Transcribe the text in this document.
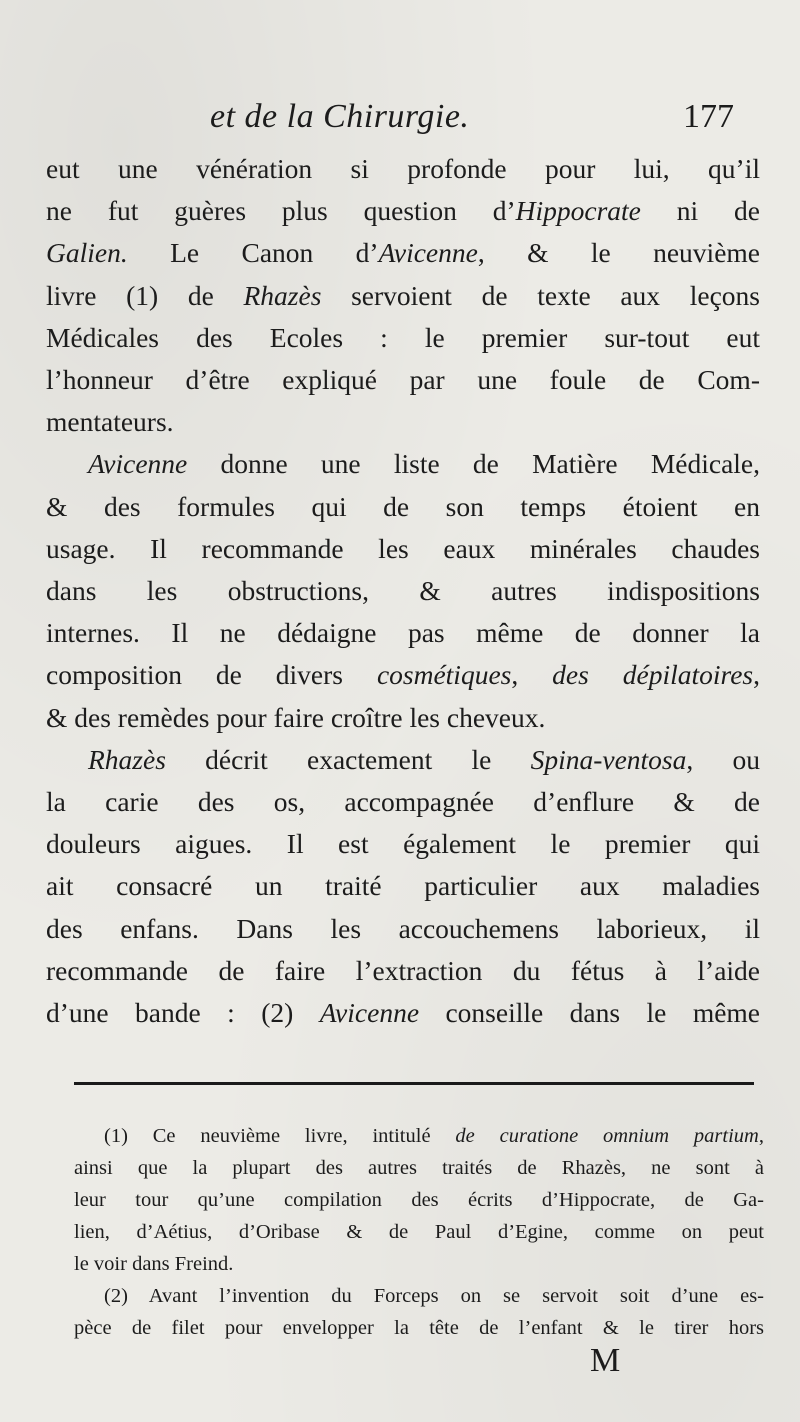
et de la Chirurgie.	177
eut une vénération si profonde pour lui, qu’il
ne fut guères plus question d’Hippocrate ni de
Galien. Le Canon d’Avicenne, & le neuvième
livre (1) de Rhazès servoient de texte aux leçons
Médicales des Ecoles : le premier sur-tout eut
l’honneur d’être expliqué par une foule de Com-
mentateurs.
Avicenne donne une liste de Matière Médicale,
& des formules qui de son temps étoient en
usage. Il recommande les eaux minérales chaudes
dans les obstructions, & autres indispositions
internes. Il ne dédaigne pas même de donner la
composition de divers cosmétiques, des dépilatoires,
& des remèdes pour faire croître les cheveux.
Rhazès décrit exactement le Spina-ventosa, ou
la carie des os, accompagnée d’enflure & de
douleurs aigues. Il est également le premier qui
ait consacré un traité particulier aux maladies
des enfans. Dans les accouchemens laborieux, il
recommande de faire l’extraction du fétus à l’aide
d’une bande : (2) Avicenne conseille dans le même
(1) Ce neuvième livre, intitulé de curatione omnium partium,
ainsi que la plupart des autres traités de Rhazès, ne sont à
leur tour qu’une compilation des écrits d’Hippocrate, de Ga-
lien, d’Aétius, d’Oribase & de Paul d’Egine, comme on peut
le voir dans Freind.
(2) Avant l’invention du Forceps on se servoit soit d’une es-
pèce de filet pour envelopper la tête de l’enfant & le tirer hors
M
